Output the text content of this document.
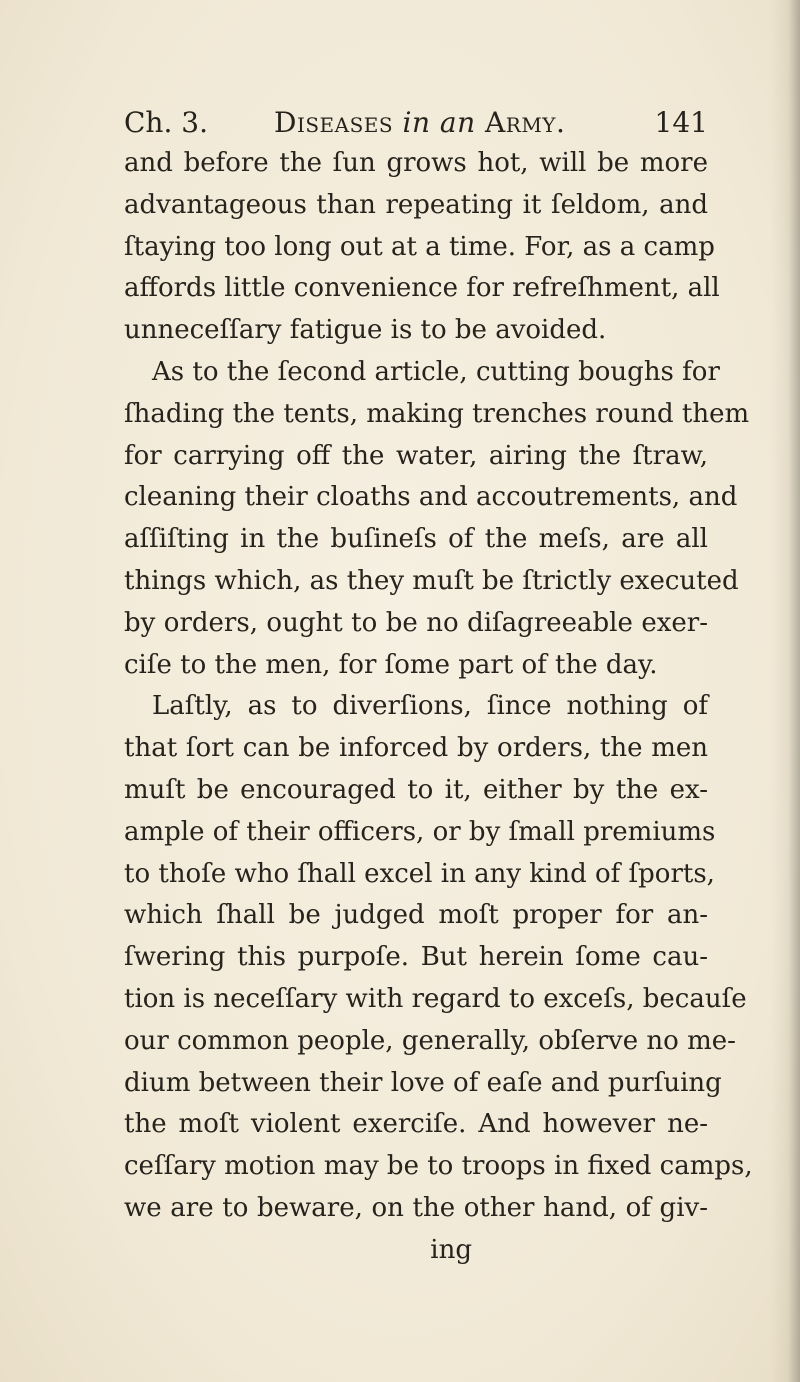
Ch. 3. Diseases in an Army.	141
and before the ſun grows hot, will be more
advantageous than repeating it ſeldom, and
ſtaying too long out at a time. For, as a camp
affords little convenience for refreſhment, all
unneceſſary fatigue is to be avoided.
As to the ſecond article, cutting boughs for
ſhading the tents, making trenches round them
for carrying off the water, airing the ſtraw,
cleaning their cloaths and accoutrements, and
aſſiſting in the buſineſs of the meſs, are all
things which, as they muſt be ſtrictly executed
by orders, ought to be no diſagreeable exer-
ciſe to the men, for ſome part of the day.
Laſtly, as to diverſions, ſince nothing of
that ſort can be inforced by orders, the men
muſt be encouraged to it, either by the ex-
ample of their officers, or by ſmall premiums
to thoſe who ſhall excel in any kind of ſports,
which ſhall be judged moſt proper for an-
ſwering this purpoſe. But herein ſome cau-
tion is neceſſary with regard to exceſs, becauſe
our common people, generally, obſerve no me-
dium between their love of eaſe and purſuing
the moſt violent exerciſe. And however ne-
ceſſary motion may be to troops in fixed camps,
we are to beware, on the other hand, of giv-
ing
